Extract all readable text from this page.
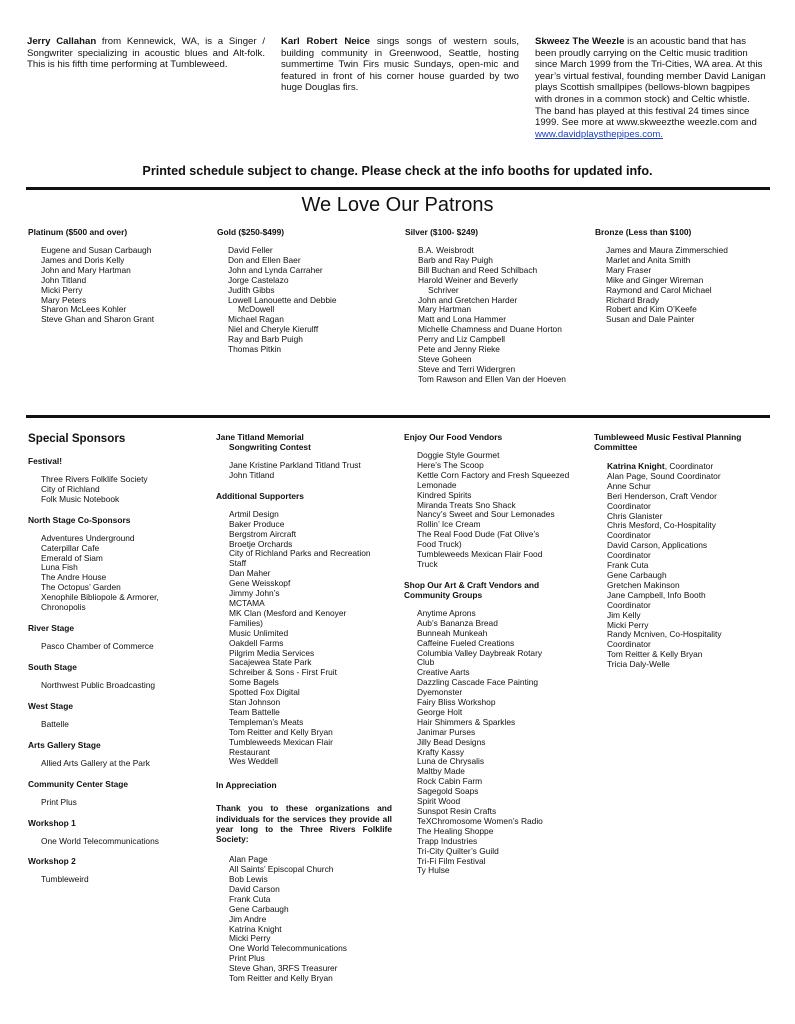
Jerry Callahan from Kennewick, WA, is a Singer / Songwriter specializing in acoustic blues and Alt-folk. This is his fifth time performing at Tumbleweed.
Karl Robert Neice sings songs of western souls, building community in Greenwood, Seattle, hosting summertime Twin Firs music Sundays, open-mic and featured in front of his corner house guarded by two huge Douglas firs.
Skweez The Weezle is an acoustic band that has been proudly carrying on the Celtic music tradition since March 1999 from the Tri-Cities, WA area. At this year’s virtual festival, founding member David Lanigan plays Scottish smallpipes (bellows-blown bagpipes with drones in a common stock) and Celtic whistle. The band has played at this festival 24 times since 1999. See more at www.skweezthe weezle.com and www.davidplaysthepipes.com.
Printed schedule subject to change. Please check at the info booths for updated info.
We Love Our Patrons
Platinum ($500 and over)
Eugene and Susan Carbaugh
James and Doris Kelly
John and Mary Hartman
John Titland
Micki Perry
Mary Peters
Sharon McLees Kohler
Steve Ghan and Sharon Grant
Gold ($250-$499)
David Feller
Don and Ellen Baer
John and Lynda Carraher
Jorge Castelazo
Judith Gibbs
Lowell Lanouette and Debbie
McDowell
Michael Ragan
Niel and Cheryle Kierulff
Ray and Barb Puigh
Thomas Pitkin
Silver ($100- $249)
B.A. Weisbrodt
Barb and Ray Puigh
Bill Buchan and Reed Schilbach
Harold Weiner and Beverly
Schriver
John and Gretchen Harder
Mary Hartman
Matt and Lona Hammer
Michelle Chamness and Duane Horton
Perry and Liz Campbell
Pete and Jenny Rieke
Steve Goheen
Steve and Terri Widergren
Tom Rawson and Ellen Van der Hoeven
Bronze (Less than $100)
James and Maura Zimmerschied
Marlet and Anita Smith
Mary Fraser
Mike and Ginger Wireman
Raymond and Carol Michael
Richard Brady
Robert and Kim O’Keefe
Susan and Dale Painter
Special Sponsors
Festival!
Three Rivers Folklife Society
City of Richland
Folk Music Notebook
North Stage Co-Sponsors
Adventures Underground
Caterpillar Cafe
Emerald of Siam
Luna Fish
The Andre House
The Octopus’ Garden
Xenophile Bibliopole & Armorer,
Chronopolis
River Stage
Pasco Chamber of Commerce
South Stage
Northwest Public Broadcasting
West Stage
Battelle
Arts Gallery Stage
Allied Arts Gallery at the Park
Community Center Stage
Print Plus
Workshop 1
One World Telecommunications
Workshop 2
Tumbleweird
Jane Titland Memorial
Songwriting Contest
Jane Kristine Parkland Titland Trust
John Titland
Additional Supporters
Artmil Design
Baker Produce
Bergstrom Aircraft
Broetje Orchards
City of Richland Parks and Recreation
Staff
Dan Maher
Gene Weisskopf
Jimmy John’s
MCTAMA
MK Clan (Mesford and Kenoyer
Families)
Music Unlimited
Oakdell Farms
Pilgrim Media Services
Sacajewea State Park
Schreiber & Sons - First Fruit
Some Bagels
Spotted Fox Digital
Stan Johnson
Team Battelle
Templeman’s Meats
Tom Reitter and Kelly Bryan
Tumbleweeds Mexican Flair
Restaurant
Wes Weddell
In Appreciation
Thank you to these organizations and individuals for the services they provide all year long to the Three Rivers Folklife Society:
Alan Page
All Saints’ Episcopal Church
Bob Lewis
David Carson
Frank Cuta
Gene Carbaugh
Jim Andre
Katrina Knight
Micki Perry
One World Telecommunications
Print Plus
Steve Ghan, 3RFS Treasurer
Tom Reitter and Kelly Bryan
Enjoy Our Food Vendors
Doggie Style Gourmet
Here’s The Scoop
Kettle Corn Factory and Fresh Squeezed
Lemonade
Kindred Spirits
Miranda Treats Sno Shack
Nancy’s Sweet and Sour Lemonades
Rollin’ Ice Cream
The Real Food Dude (Fat Olive’s
Food Truck)
Tumbleweeds Mexican Flair Food
Truck
Shop Our Art & Craft Vendors and
Community Groups
Anytime Aprons
Aub’s Bananza Bread
Bunneah Munkeah
Caffeine Fueled Creations
Columbia Valley Daybreak Rotary
Club
Creative Aarts
Dazzling Cascade Face Painting
Dyemonster
Fairy Bliss Workshop
George Holt
Hair Shimmers & Sparkles
Janimar Purses
Jilly Bead Designs
Krafty Kassy
Luna de Chrysalis
Maltby Made
Rock Cabin Farm
Sagegold Soaps
Spirit Wood
Sunspot Resin Crafts
TeXChromosome Women’s Radio
The Healing Shoppe
Trapp Industries
Tri-City Quilter’s Guild
Tri-Fi Film Festival
Ty Hulse
Tumbleweed Music Festival Planning
Committee
Katrina Knight, Coordinator
Alan Page, Sound Coordinator
Anne Schur
Beri Henderson, Craft Vendor
Coordinator
Chris Glanister
Chris Mesford, Co-Hospitality
Coordinator
David Carson, Applications
Coordinator
Frank Cuta
Gene Carbaugh
Gretchen Makinson
Jane Campbell, Info Booth
Coordinator
Jim Kelly
Micki Perry
Randy Mcniven, Co-Hospitality
Coordinator
Tom Reitter & Kelly Bryan
Tricia Daly-Welle
